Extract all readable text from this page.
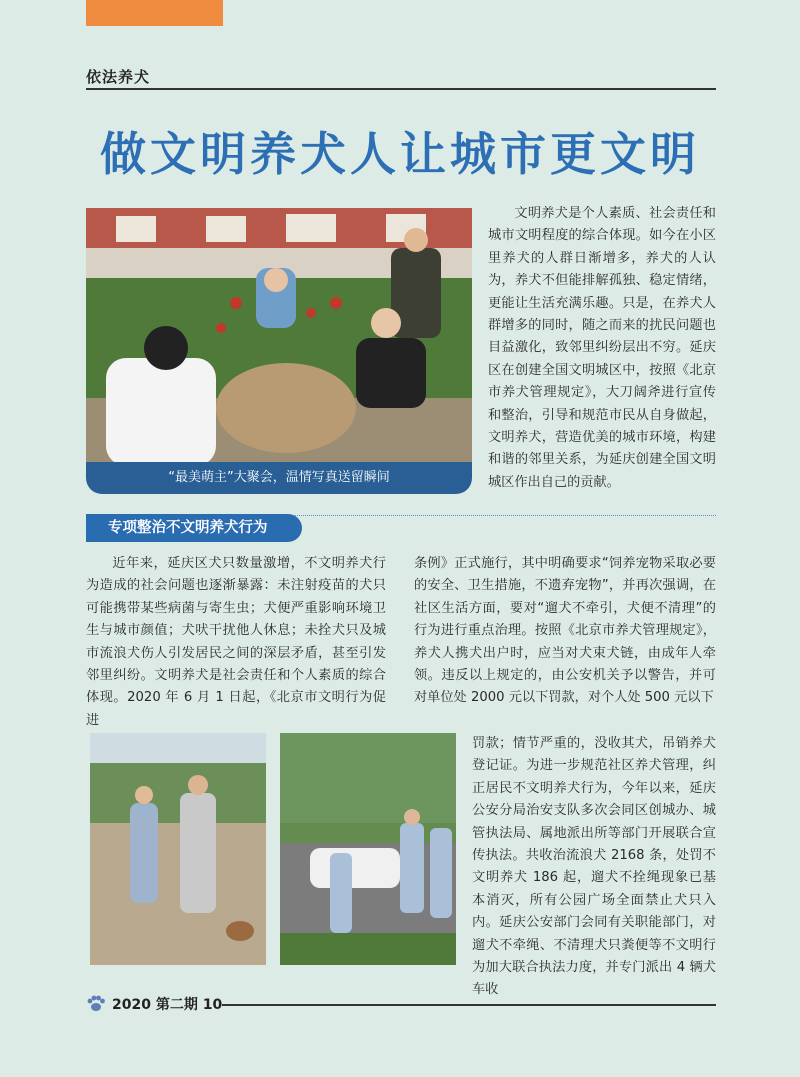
依法养犬
做文明养犬人让城市更文明
“最美萌主”大聚会，温情写真送留瞬间

文明养犬是个人素质、社会责任和城市文明程度的综合体现。如今在小区里养犬的人群日渐增多，养犬的人认为，养犬不但能排解孤独、稳定情绪，更能让生活充满乐趣。只是，在养犬人群增多的同时，随之而来的扰民问题也目益激化，致邻里纠纷层出不穷。延庆区在创建全国文明城区中，按照《北京市养犬管理规定》，大刀阔斧进行宣传和整治，引导和规范市民从自身做起，文明养犬，营造优美的城市环境，构建和谐的邻里关系，为延庆创建全国文明城区作出自己的贡献。

专项整治不文明养犬行为

近年来，延庆区犬只数量激增，不文明养犬行为造成的社会问题也逐渐暴露：未注射疫苗的犬只可能携带某些病菌与寄生虫；犬便严重影响环境卫生与城市颜值；犬吠干扰他人休息；未拴犬只及城市流浪犬伤人引发居民之间的深层矛盾，甚至引发邻里纠纷。文明养犬是社会责任和个人素质的综合体现。2020 年 6 月 1 日起，《北京市文明行为促进

条例》正式施行，其中明确要求“饲养宠物采取必要的安全、卫生措施，不遗弃宠物”，并再次强调，在社区生活方面，要对“遛犬不牵引，犬便不清理”的行为进行重点治理。按照《北京市养犬管理规定》，养犬人携犬出户时，应当对犬束犬链，由成年人牵领。违反以上规定的，由公安机关予以警告，并可对单位处 2000 元以下罚款，对个人处 500 元以下

罚款；情节严重的，没收其犬，吊销养犬登记证。为进一步规范社区养犬管理，纠正居民不文明养犬行为，今年以来，延庆公安分局治安支队多次会同区创城办、城管执法局、属地派出所等部门开展联合宣传执法。共收治流浪犬 2168 条，处罚不文明养犬 186 起，遛犬不拴绳现象已基本消灭，所有公园广场全面禁止犬只入内。延庆公安部门会同有关职能部门，对遛犬不牵绳、不清理犬只粪便等不文明行为加大联合执法力度，并专门派出 4 辆犬车收

2020 第二期 10
